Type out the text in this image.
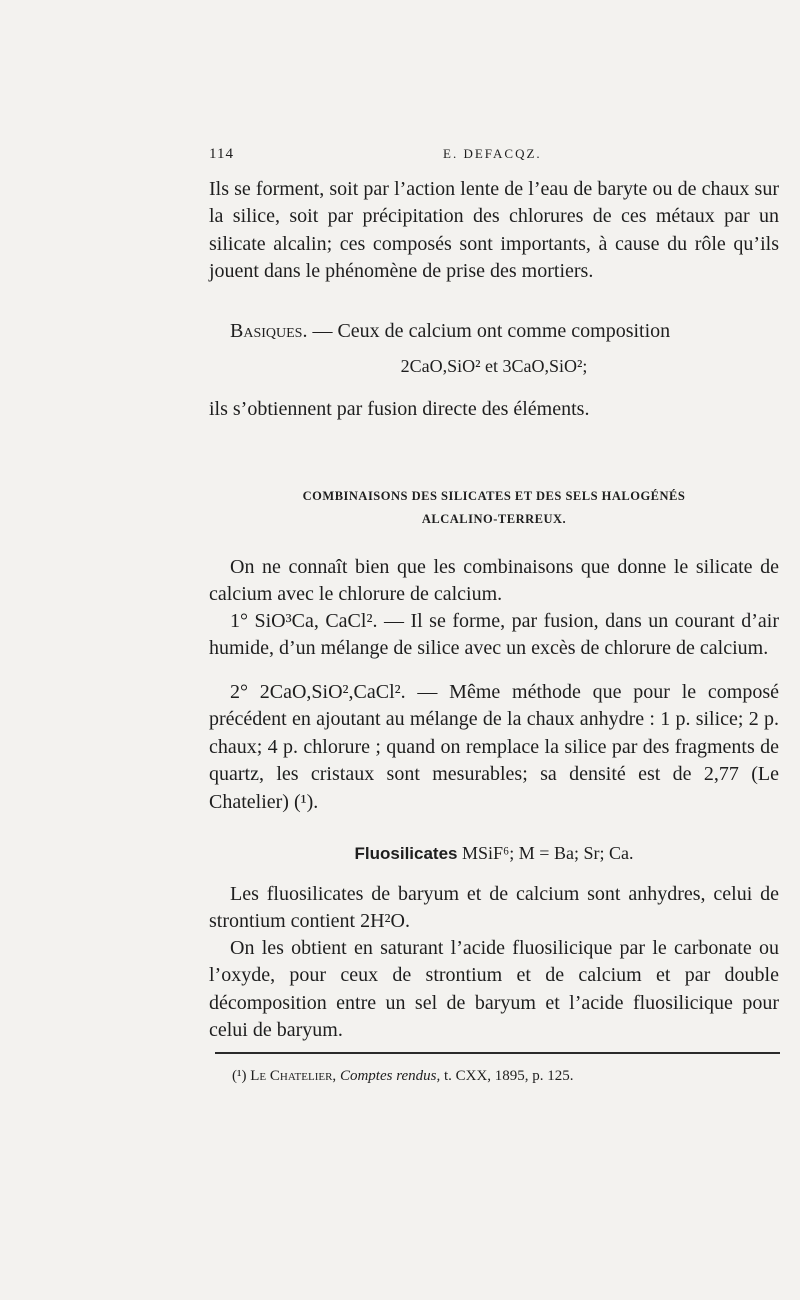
114	E. DEFACQZ.
Ils se forment, soit par l’action lente de l’eau de baryte ou de chaux sur la silice, soit par précipitation des chlorures de ces métaux par un silicate alcalin; ces composés sont importants, à cause du rôle qu’ils jouent dans le phénomène de prise des mortiers.
Basiques. — Ceux de calcium ont comme composition
2CaO,SiO² et 3CaO,SiO²;
ils s’obtiennent par fusion directe des éléments.
COMBINAISONS DES SILICATES ET DES SELS HALOGÉNÉS
ALCALINO-TERREUX.
On ne connaît bien que les combinaisons que donne le silicate de calcium avec le chlorure de calcium.
1° SiO³Ca, CaCl². — Il se forme, par fusion, dans un courant d’air humide, d’un mélange de silice avec un excès de chlorure de calcium.
2° 2CaO,SiO²,CaCl². — Même méthode que pour le composé précédent en ajoutant au mélange de la chaux anhydre : 1 p. silice; 2 p. chaux; 4 p. chlorure ; quand on remplace la silice par des fragments de quartz, les cristaux sont mesurables; sa densité est de 2,77 (Le Chatelier) (¹).
Fluosilicates MSiF⁶; M = Ba; Sr; Ca.
Les fluosilicates de baryum et de calcium sont anhydres, celui de strontium contient 2H²O.
On les obtient en saturant l’acide fluosilicique par le carbonate ou l’oxyde, pour ceux de strontium et de calcium et par double décomposition entre un sel de baryum et l’acide fluosilicique pour celui de baryum.
(¹) Le Chatelier, Comptes rendus, t. CXX, 1895, p. 125.
